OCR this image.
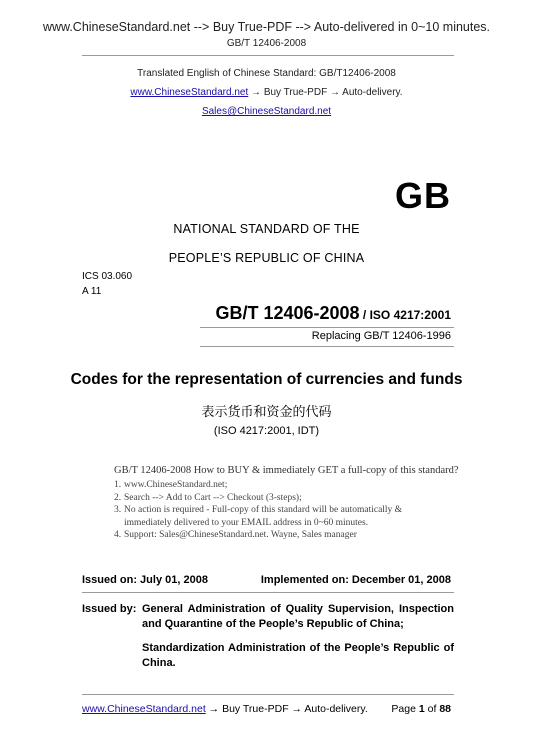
www.ChineseStandard.net --> Buy True-PDF --> Auto-delivered in 0~10 minutes.
GB/T 12406-2008
Translated English of Chinese Standard: GB/T12406-2008
www.ChineseStandard.net → Buy True-PDF → Auto-delivery.
Sales@ChineseStandard.net
GB
NATIONAL STANDARD OF THE
PEOPLE’S REPUBLIC OF CHINA
ICS 03.060
A 11
GB/T 12406-2008 / ISO 4217:2001
Replacing GB/T 12406-1996
Codes for the representation of currencies and funds
表示货币和资金的代码
(ISO 4217:2001, IDT)
GB/T 12406-2008 How to BUY & immediately GET a full-copy of this standard?
1. www.ChineseStandard.net;
2. Search --> Add to Cart --> Checkout (3-steps);
3. No action is required - Full-copy of this standard will be automatically &
immediately delivered to your EMAIL address in 0~60 minutes.
4. Support: Sales@ChineseStandard.net. Wayne, Sales manager
Issued on: July 01, 2008	Implemented on: December 01, 2008
Issued by: General Administration of Quality Supervision, Inspection and Quarantine of the People’s Republic of China;
Standardization Administration of the People’s Republic of China.
www.ChineseStandard.net → Buy True-PDF → Auto-delivery. Page 1 of 88
